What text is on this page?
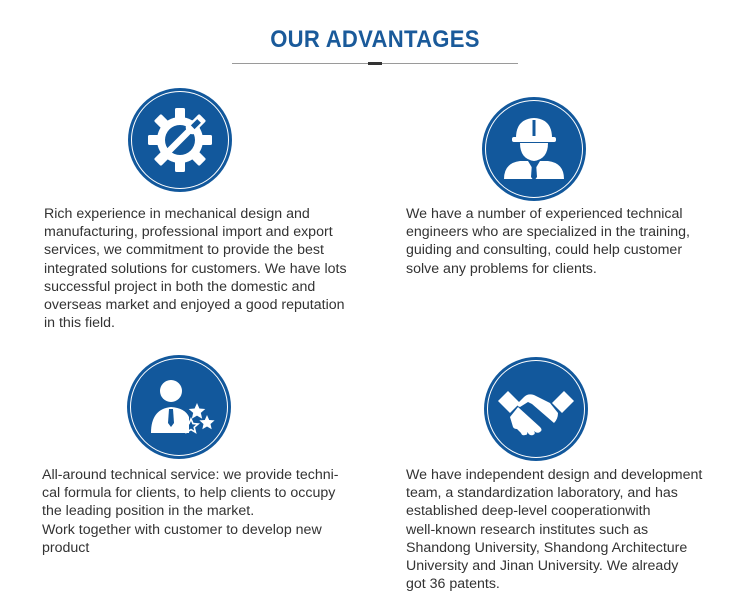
OUR ADVANTAGES

Rich experience in mechanical design and

manufacturing, professional import and export

services, we commitment to provide the best

integrated solutions for customers. We have lots

successful project in both the domestic and

overseas market and enjoyed a good reputation

in this field.

We have a number of experienced technical

engineers who are specialized in the training,

guiding and consulting, could help customer

solve any problems for clients.

All-around technical service: we provide techni-

cal formula for clients, to help clients to occupy

the leading position in the market.

Work together with customer to develop new

product

We have independent design and development

team, a standardization laboratory, and has

established deep-level cooperationwith

well-known research institutes such as

Shandong University, Shandong Architecture

University and Jinan University. We already

got 36 patents.
